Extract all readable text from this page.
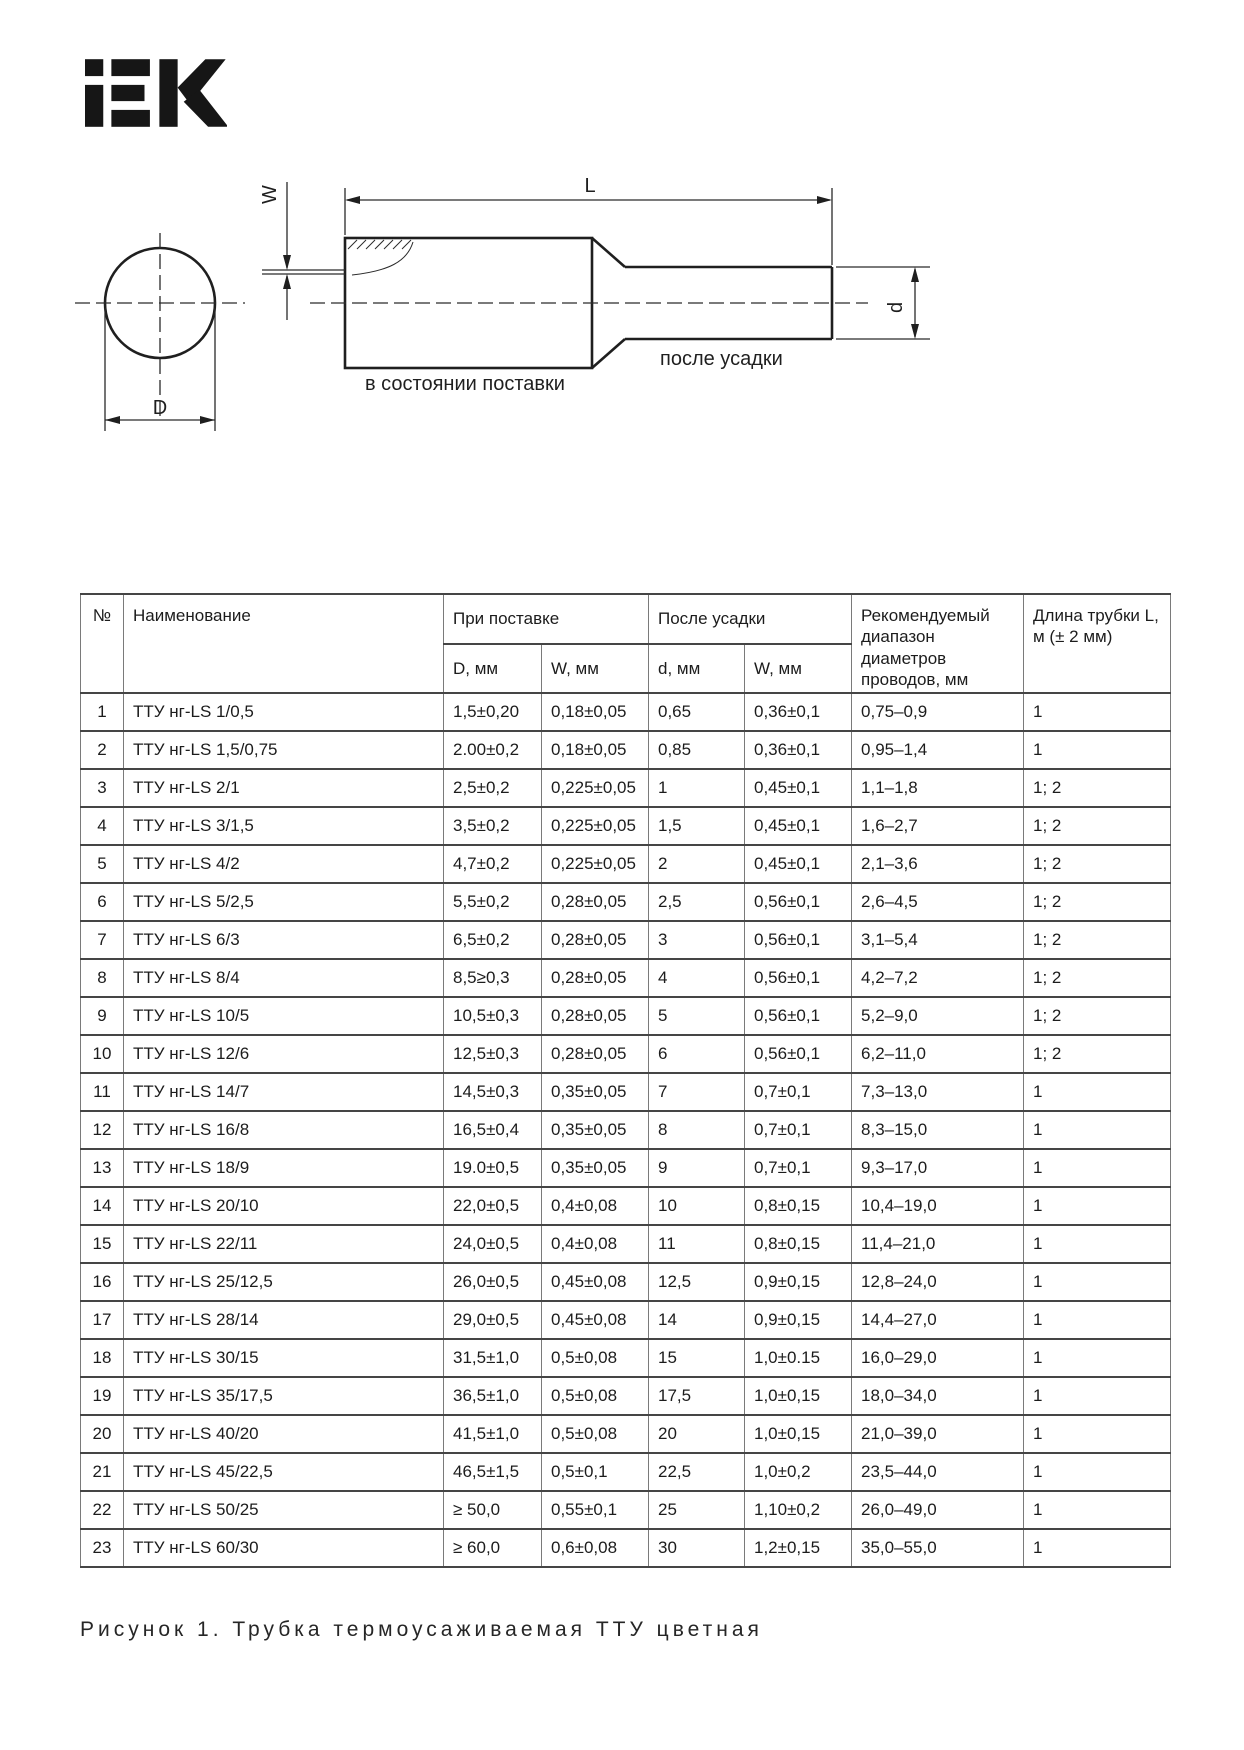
D
W	L
d
в состоянии поставки
после усадки
№	Наименование	При поставке		После усадки		Рекомендуемый диапазон диаметров проводов, мм	Длина трубки L, м (± 2 мм)
		D, мм	W, мм	d, мм	W, мм		
1	ТТУ нг-LS 1/0,5	1,5±0,20	0,18±0,05	0,65	0,36±0,1	0,75–0,9	1
2	ТТУ нг-LS 1,5/0,75	2.00±0,2	0,18±0,05	0,85	0,36±0,1	0,95–1,4	1
3	ТТУ нг-LS 2/1	2,5±0,2	0,225±0,05	1	0,45±0,1	1,1–1,8	1; 2
4	ТТУ нг-LS 3/1,5	3,5±0,2	0,225±0,05	1,5	0,45±0,1	1,6–2,7	1; 2
5	ТТУ нг-LS 4/2	4,7±0,2	0,225±0,05	2	0,45±0,1	2,1–3,6	1; 2
6	ТТУ нг-LS 5/2,5	5,5±0,2	0,28±0,05	2,5	0,56±0,1	2,6–4,5	1; 2
7	ТТУ нг-LS 6/3	6,5±0,2	0,28±0,05	3	0,56±0,1	3,1–5,4	1; 2
8	ТТУ нг-LS 8/4	8,5≥0,3	0,28±0,05	4	0,56±0,1	4,2–7,2	1; 2
9	ТТУ нг-LS 10/5	10,5±0,3	0,28±0,05	5	0,56±0,1	5,2–9,0	1; 2
10	ТТУ нг-LS 12/6	12,5±0,3	0,28±0,05	6	0,56±0,1	6,2–11,0	1; 2
11	ТТУ нг-LS 14/7	14,5±0,3	0,35±0,05	7	0,7±0,1	7,3–13,0	1
12	ТТУ нг-LS 16/8	16,5±0,4	0,35±0,05	8	0,7±0,1	8,3–15,0	1
13	ТТУ нг-LS 18/9	19.0±0,5	0,35±0,05	9	0,7±0,1	9,3–17,0	1
14	ТТУ нг-LS 20/10	22,0±0,5	0,4±0,08	10	0,8±0,15	10,4–19,0	1
15	ТТУ нг-LS 22/11	24,0±0,5	0,4±0,08	11	0,8±0,15	11,4–21,0	1
16	ТТУ нг-LS 25/12,5	26,0±0,5	0,45±0,08	12,5	0,9±0,15	12,8–24,0	1
17	ТТУ нг-LS 28/14	29,0±0,5	0,45±0,08	14	0,9±0,15	14,4–27,0	1
18	ТТУ нг-LS 30/15	31,5±1,0	0,5±0,08	15	1,0±0.15	16,0–29,0	1
19	ТТУ нг-LS 35/17,5	36,5±1,0	0,5±0,08	17,5	1,0±0,15	18,0–34,0	1
20	ТТУ нг-LS 40/20	41,5±1,0	0,5±0,08	20	1,0±0,15	21,0–39,0	1
21	ТТУ нг-LS 45/22,5	46,5±1,5	0,5±0,1	22,5	1,0±0,2	23,5–44,0	1
22	ТТУ нг-LS 50/25	≥ 50,0	0,55±0,1	25	1,10±0,2	26,0–49,0	1
23	ТТУ нг-LS 60/30	≥ 60,0	0,6±0,08	30	1,2±0,15	35,0–55,0	1
Рисунок 1. Трубка термоусаживаемая ТТУ цветная
